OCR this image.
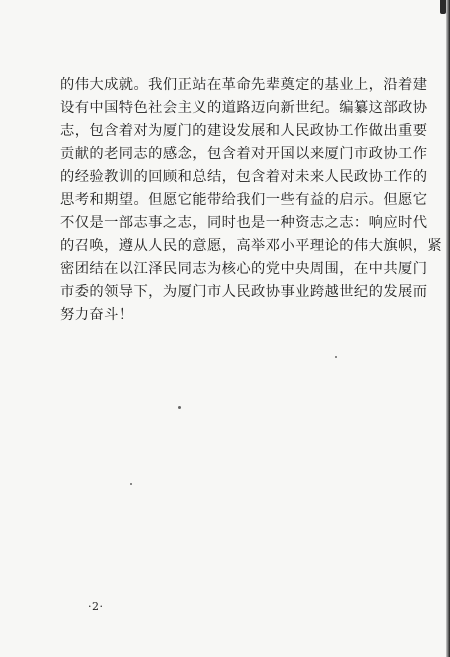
的伟大成就。我们正站在革命先辈奠定的基业上，沿着建
设有中国特色社会主义的道路迈向新世纪。编纂这部政协
志，包含着对为厦门的建设发展和人民政协工作做出重要
贡献的老同志的感念，包含着对开国以来厦门市政协工作
的经验教训的回顾和总结，包含着对未来人民政协工作的
思考和期望。但愿它能带给我们一些有益的启示。但愿它
不仅是一部志事之志，同时也是一种资志之志：响应时代
的召唤，遵从人民的意愿，高举邓小平理论的伟大旗帜，紧
密团结在以江泽民同志为核心的党中央周围，在中共厦门
市委的领导下，为厦门市人民政协事业跨越世纪的发展而
努力奋斗！
·2·
